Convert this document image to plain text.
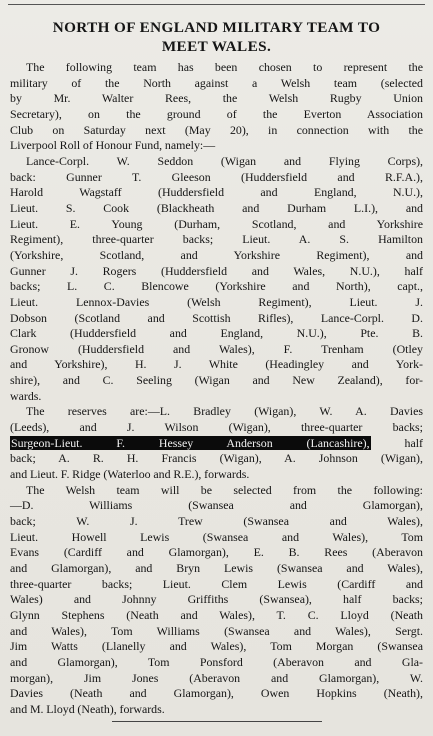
NORTH OF ENGLAND MILITARY TEAM TO
MEET WALES.
The following team has been chosen to represent the
military of the North against a Welsh team (selected
by Mr. Walter Rees, the Welsh Rugby Union
Secretary), on the ground of the Everton Association
Club on Saturday next (May 20), in connection with the
Liverpool Roll of Honour Fund, namely:—
Lance-Corpl. W. Seddon (Wigan and Flying Corps),
back: Gunner T. Gleeson (Huddersfield and R.F.A.),
Harold Wagstaff (Huddersfield and England, N.U.),
Lieut. S. Cook (Blackheath and Durham L.I.), and
Lieut. E. Young (Durham, Scotland, and Yorkshire
Regiment), three-quarter backs; Lieut. A. S. Hamilton
(Yorkshire, Scotland, and Yorkshire Regiment), and
Gunner J. Rogers (Huddersfield and Wales, N.U.), half
backs; L. C. Blencowe (Yorkshire and North), capt.,
Lieut. Lennox-Davies (Welsh Regiment), Lieut. J.
Dobson (Scotland and Scottish Rifles), Lance-Corpl. D.
Clark (Huddersfield and England, N.U.), Pte. B.
Gronow (Huddersfield and Wales), F. Trenham (Otley
and Yorkshire), H. J. White (Headingley and York-
shire), and C. Seeling (Wigan and New Zealand), for-
wards.
The reserves are:—L. Bradley (Wigan), W. A. Davies
(Leeds), and J. Wilson (Wigan), three-quarter backs;
Surgeon-Lieut. F. Hessey Anderson (Lancashire),	half
back; A. R. H. Francis (Wigan), A. Johnson (Wigan),
and Lieut. F. Ridge (Waterloo and R.E.), forwards.
The Welsh team will be selected from the following:
—D. Williams (Swansea and Glamorgan),
back; W. J. Trew (Swansea and Wales),
Lieut. Howell Lewis (Swansea and Wales), Tom
Evans (Cardiff and Glamorgan), E. B. Rees (Aberavon
and Glamorgan), and Bryn Lewis (Swansea and Wales),
three-quarter backs; Lieut. Clem Lewis (Cardiff and
Wales) and Johnny Griffiths (Swansea), half backs;
Glynn Stephens (Neath and Wales), T. C. Lloyd (Neath
and Wales), Tom Williams (Swansea and Wales), Sergt.
Jim Watts (Llanelly and Wales), Tom Morgan (Swansea
and Glamorgan), Tom Ponsford (Aberavon and Gla-
morgan), Jim Jones (Aberavon and Glamorgan), W.
Davies (Neath and Glamorgan), Owen Hopkins (Neath),
and M. Lloyd (Neath), forwards.
